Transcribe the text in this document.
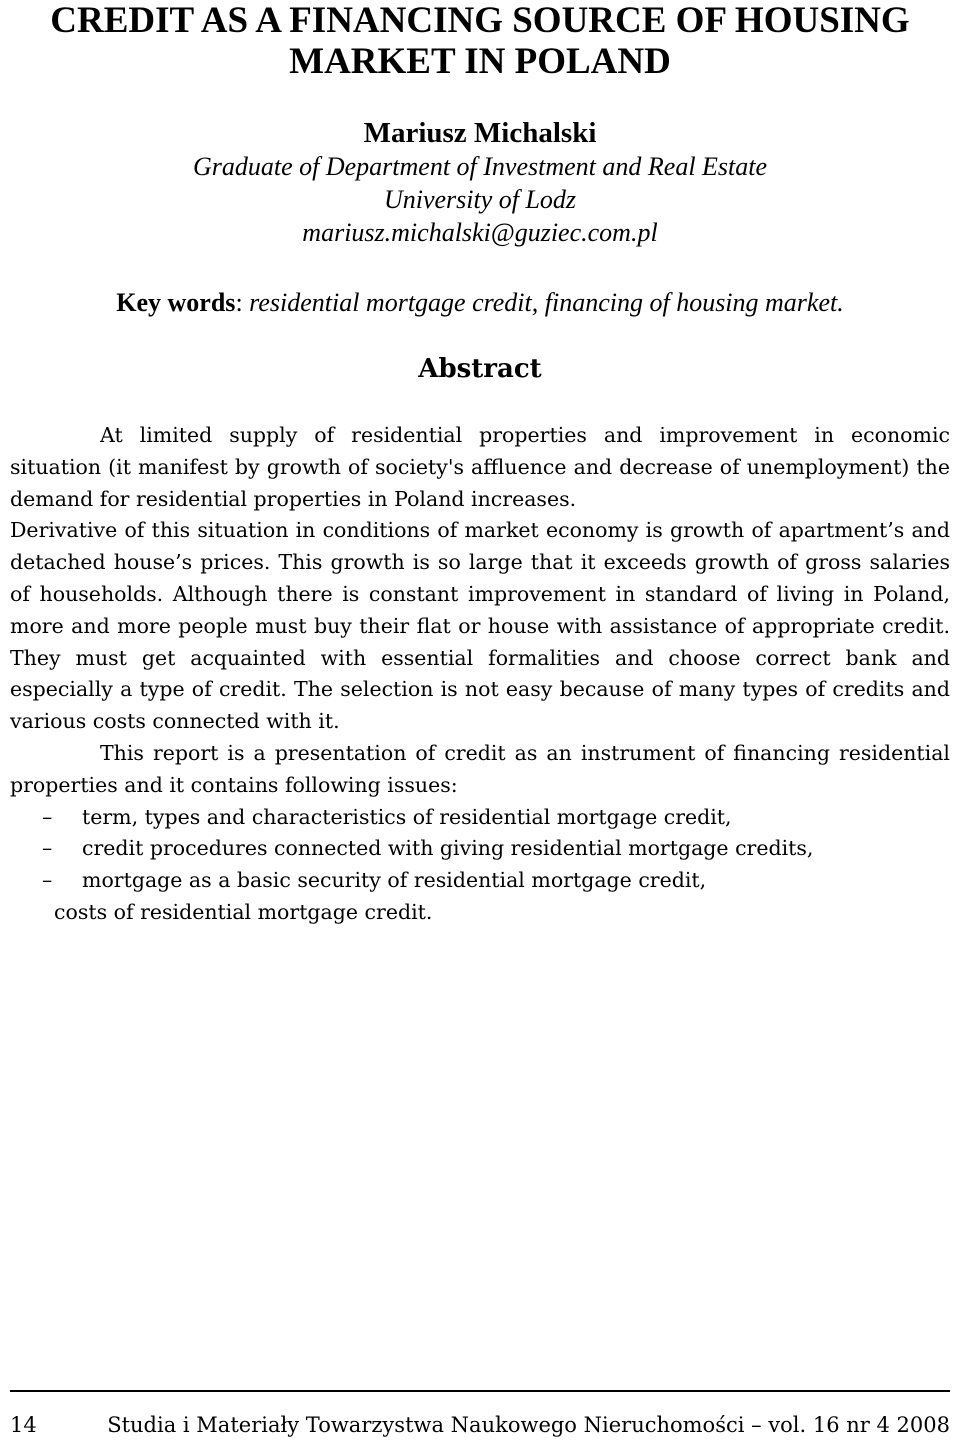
CREDIT AS A FINANCING SOURCE OF HOUSING
MARKET IN POLAND
Mariusz Michalski
Graduate of Department of Investment and Real Estate
University of Lodz
mariusz.michalski@guziec.com.pl
Key words: residential mortgage credit, financing of housing market.
Abstract

At limited supply of residential properties and improvement in economic situation (it manifest by growth of society's affluence and decrease of unemployment) the demand for residential properties in Poland increases.

Derivative of this situation in conditions of market economy is growth of apartment’s and detached house’s prices. This growth is so large that it exceeds growth of gross salaries of households. Although there is constant improvement in standard of living in Poland, more and more people must buy their flat or house with assistance of appropriate credit. They must get acquainted with essential formalities and choose correct bank and especially a type of credit. The selection is not easy because of many types of credits and various costs connected with it.

This report is a presentation of credit as an instrument of financing residential properties and it contains following issues:

– term, types and characteristics of residential mortgage credit,
– credit procedures connected with giving residential mortgage credits,
– mortgage as a basic security of residential mortgage credit,
costs of residential mortgage credit.
14	Studia i Materiały Towarzystwa Naukowego Nieruchomości – vol. 16 nr 4 2008
